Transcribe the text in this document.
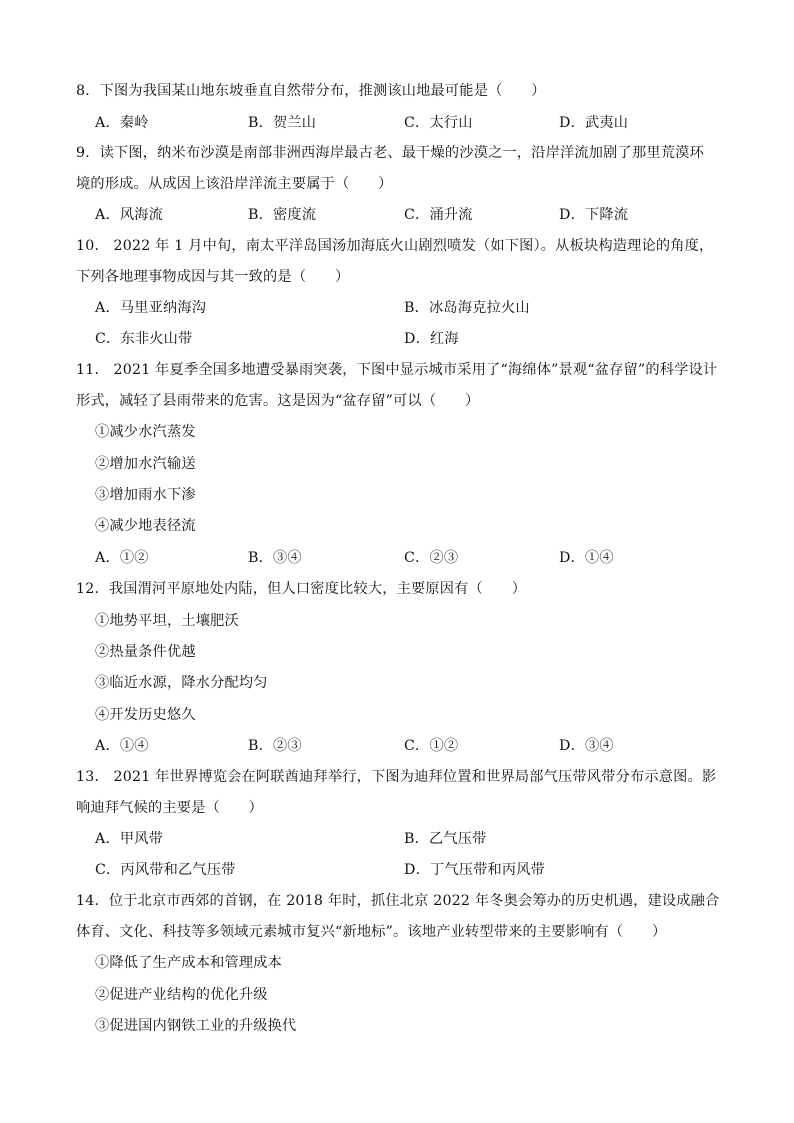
8．下图为我国某山地东坡垂直自然带分布，推测该山地最可能是（　　）
A．秦岭	B．贺兰山	C．太行山	D．武夷山
9．读下图，纳米布沙漠是南部非洲西海岸最古老、最干燥的沙漠之一，沿岸洋流加剧了那里荒漠环
境的形成。从成因上该沿岸洋流主要属于（　　）
A．风海流	B．密度流	C．涌升流	D．下降流
10． 2022 年 1 月中旬，南太平洋岛国汤加海底火山剧烈喷发（如下图）。从板块构造理论的角度，
下列各地理事物成因与其一致的是（　　）
A．马里亚纳海沟	B．冰岛海克拉火山
C．东非火山带	D．红海
11． 2021 年夏季全国多地遭受暴雨突袭，下图中显示城市采用了“海绵体”景观“盆存留”的科学设计
形式，减轻了县雨带来的危害。这是因为“盆存留”可以（　　）
①减少水汽蒸发
②增加水汽输送
③增加雨水下渗
④减少地表径流
A．①②	B．③④	C．②③	D．①④
12．我国渭河平原地处内陆，但人口密度比较大，主要原因有（　　）
①地势平坦，土壤肥沃
②热量条件优越
③临近水源，降水分配均匀
④开发历史悠久
A．①④	B．②③	C．①②	D．③④
13． 2021 年世界博览会在阿联酋迪拜举行，下图为迪拜位置和世界局部气压带风带分布示意图。影
响迪拜气候的主要是（　　）
A．甲风带	B．乙气压带
C．丙风带和乙气压带	D．丁气压带和丙风带
14．位于北京市西郊的首钢，在 2018 年时，抓住北京 2022 年冬奥会筹办的历史机遇，建设成融合
体育、文化、科技等多领域元素城市复兴“新地标”。该地产业转型带来的主要影响有（　　）
①降低了生产成本和管理成本
②促进产业结构的优化升级
③促进国内钢铁工业的升级换代
